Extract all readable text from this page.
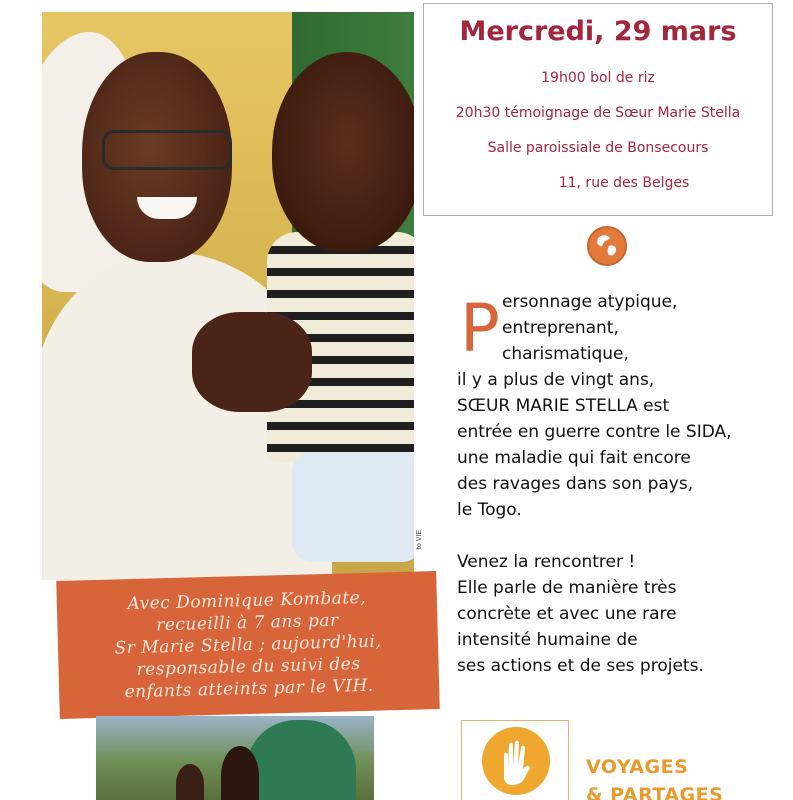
to VIE
Avec Dominique Kombate,
recueilli à 7 ans par
Sr Marie Stella ; aujourd'hui,
responsable du suivi des
enfants atteints par le VIH.
Mercredi, 29 mars
19h00 bol de riz
20h30 témoignage de Sœur Marie Stella
Salle paroissiale de Bonsecours
11, rue des Belges
P ersonnage atypique,
entreprenant,
charismatique,
il y a plus de vingt ans,
SŒUR MARIE STELLA est
entrée en guerre contre le SIDA,
une maladie qui fait encore
des ravages dans son pays,
le Togo.
Venez la rencontrer !
Elle parle de manière très
concrète et avec une rare
intensité humaine de
ses actions et de ses projets.
VOYAGES
& PARTAGES
